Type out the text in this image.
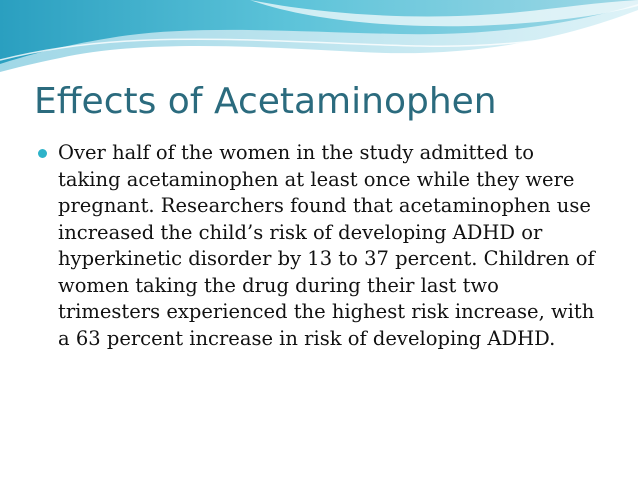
Effects of Acetaminophen
Over half of the women in the study admitted to
taking acetaminophen at least once while they were
pregnant. Researchers found that acetaminophen use
increased the child’s risk of developing ADHD or
hyperkinetic disorder by 13 to 37 percent. Children of
women taking the drug during their last two
trimesters experienced the highest risk increase, with
a 63 percent increase in risk of developing ADHD.
